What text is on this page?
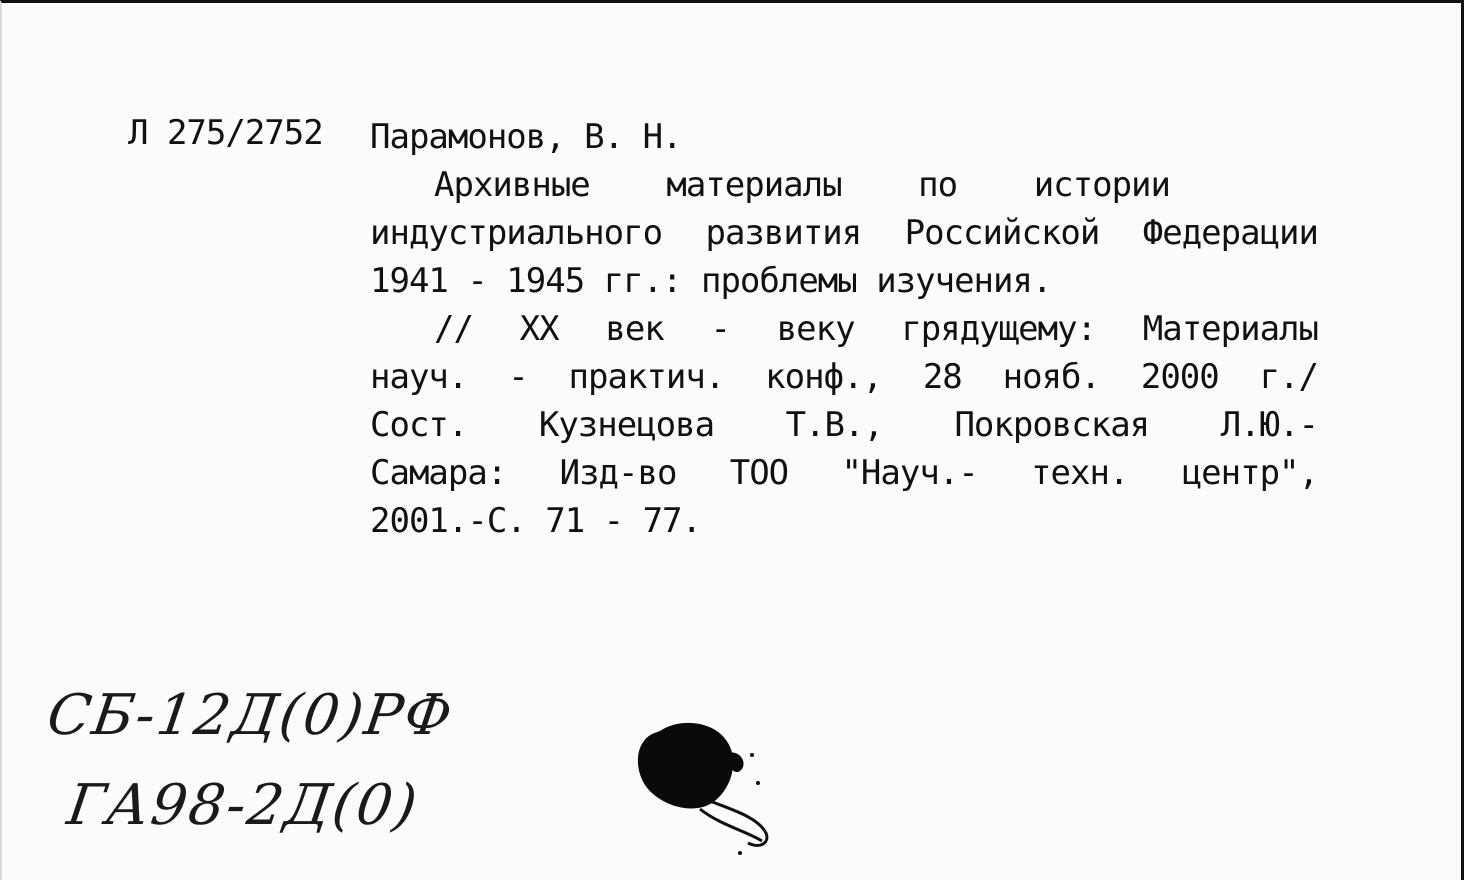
Л 275/2752 Парамонов, В. Н.
Архивные материалы по истории
индустриального развития Российской Федерации
1941 - 1945 гг.: проблемы изучения.
// XX век - веку грядущему: Материалы
науч. - практич. конф., 28 нояб. 2000 г./
Сост. Кузнецова Т.В., Покровская Л.Ю.-
Самара: Изд-во ТОО "Науч.- техн. центр",
2001.-С. 71 - 77.
СБ-12Д(0)РФ
ГА98-2Д(0)
